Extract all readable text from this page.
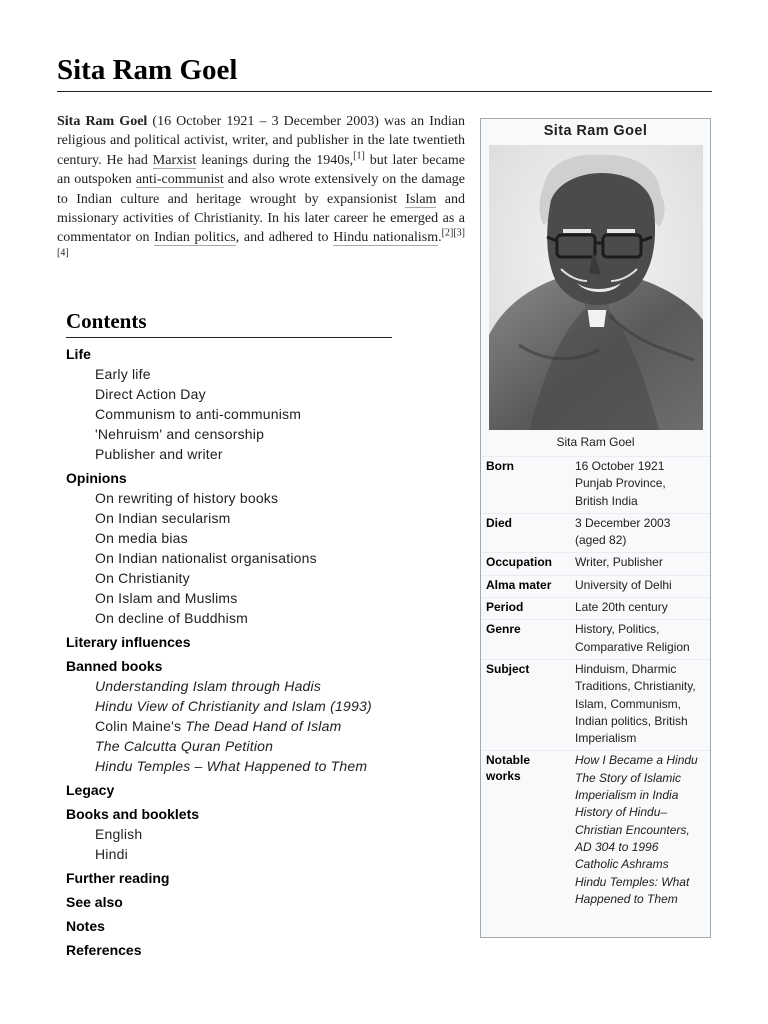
Sita Ram Goel

Sita Ram Goel (16 October 1921 – 3 December 2003) was an Indian religious and political activist, writer, and publisher in the late twentieth century. He had Marxist leanings during the 1940s,[1] but later became an outspoken anti-communist and also wrote extensively on the damage to Indian culture and heritage wrought by expansionist Islam and missionary activities of Christianity. In his later career he emerged as a commentator on Indian politics, and adhered to Hindu nationalism.[2][3][4]

Contents
Life
Early life
Direct Action Day
Communism to anti-communism
'Nehruism' and censorship
Publisher and writer
Opinions
On rewriting of history books
On Indian secularism
On media bias
On Indian nationalist organisations
On Christianity
On Islam and Muslims
On decline of Buddhism
Literary influences
Banned books
Understanding Islam through Hadis
Hindu View of Christianity and Islam (1993)
Colin Maine's The Dead Hand of Islam
The Calcutta Quran Petition
Hindu Temples – What Happened to Them
Legacy
Books and booklets
English
Hindi
Further reading
See also
Notes
References
Sita Ram Goel
Sita Ram Goel
Born	16 October 1921
Punjab Province,
British India
Died	3 December 2003
(aged 82)
Occupation	Writer, Publisher
Alma mater	University of Delhi
Period	Late 20th century
Genre	History, Politics, Comparative Religion
Subject	Hinduism, Dharmic Traditions, Christianity, Islam, Communism, Indian politics, British Imperialism
Notable works	How I Became a Hindu
The Story of Islamic Imperialism in India
History of Hindu–Christian Encounters, AD 304 to 1996
Catholic Ashrams
Hindu Temples: What Happened to Them
